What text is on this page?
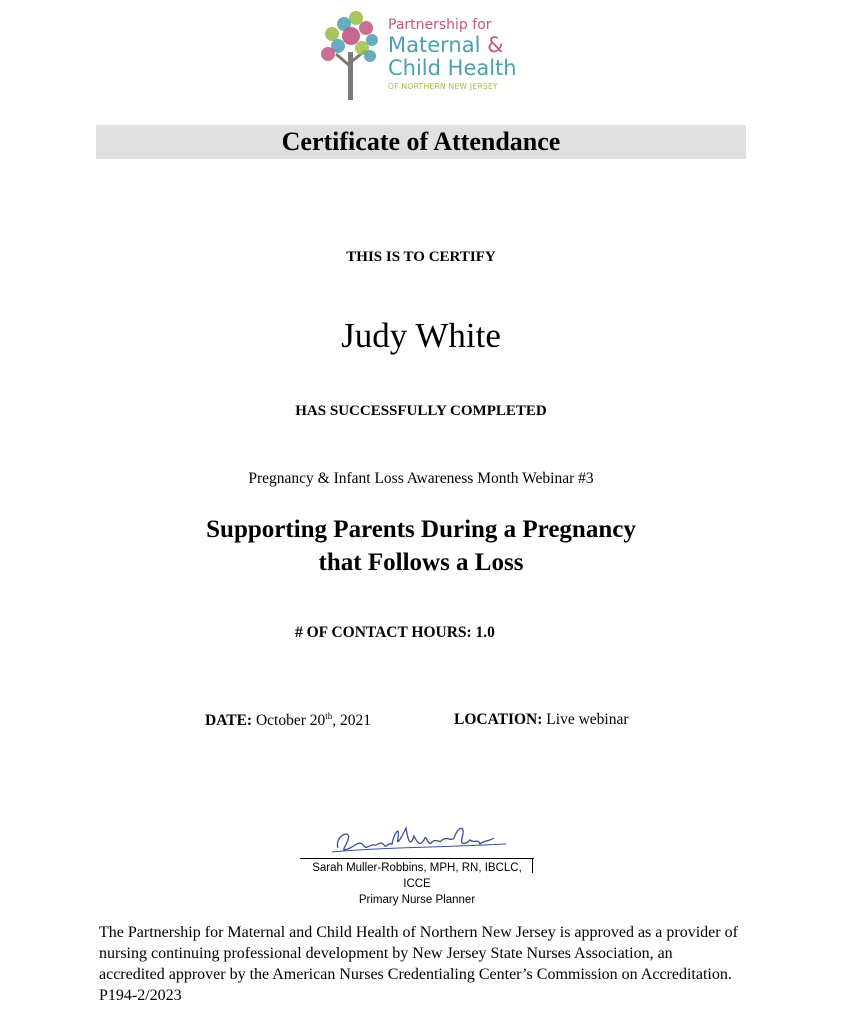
Partnership for
Maternal &
Child Health
OF NORTHERN NEW JERSEY
Certificate of Attendance
THIS IS TO CERTIFY
Judy White
HAS SUCCESSFULLY COMPLETED
Pregnancy & Infant Loss Awareness Month Webinar #3
Supporting Parents During a Pregnancy
that Follows a Loss
# OF CONTACT HOURS: 1.0
DATE: October 20th, 2021	LOCATION: Live webinar
Sarah Muller-Robbins, MPH, RN, IBCLC, ICCE
Primary Nurse Planner
The Partnership for Maternal and Child Health of Northern New Jersey is approved as a provider of
nursing continuing professional development by New Jersey State Nurses Association, an
accredited approver by the American Nurses Credentialing Center’s Commission on Accreditation.
P194-2/2023
